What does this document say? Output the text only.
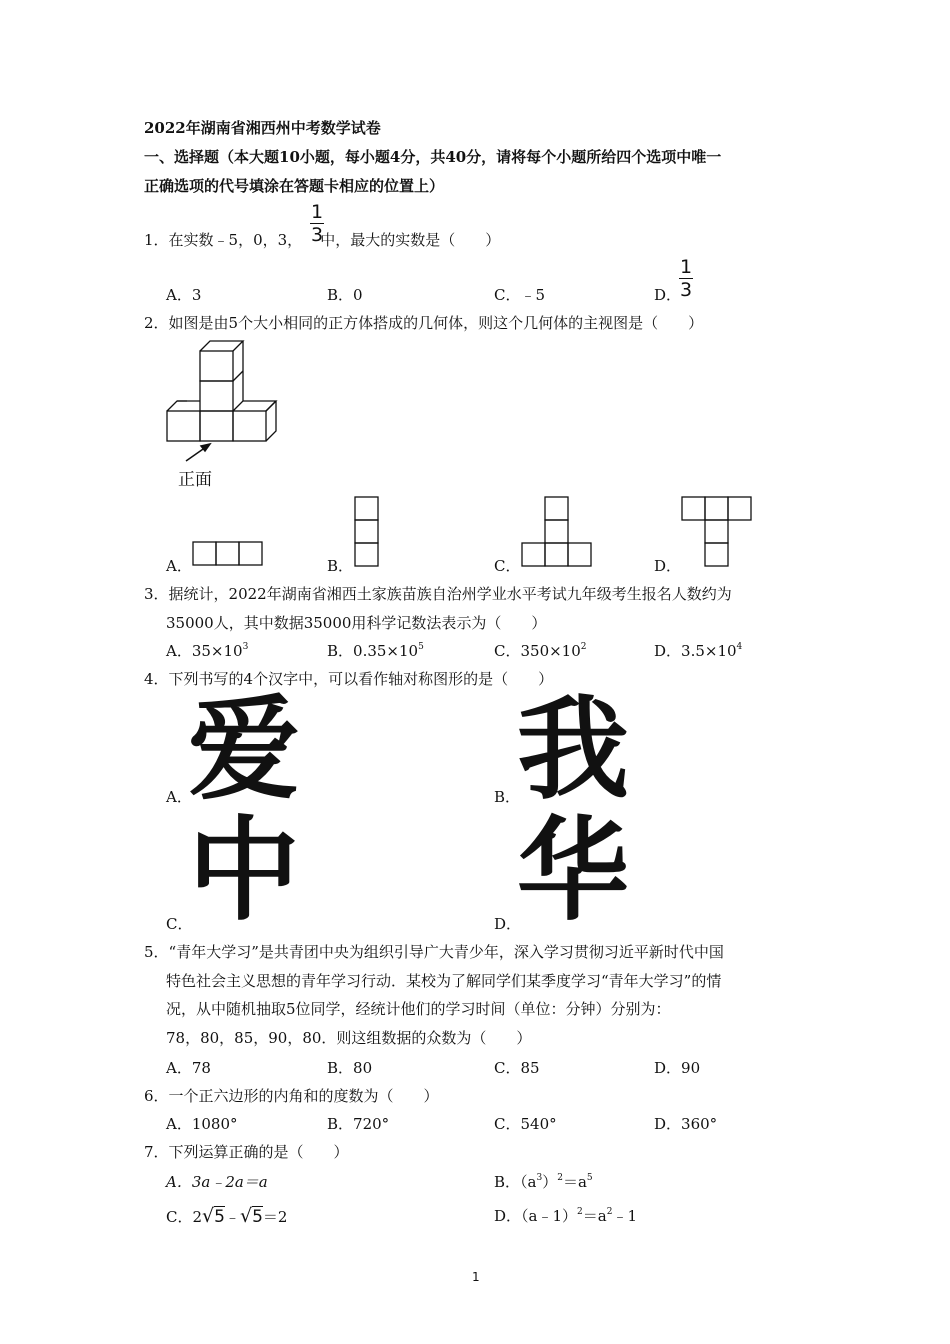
2022年湖南省湘西州中考数学试卷
一、选择题（本大题10小题，每小题4分，共40分，请将每个小题所给四个选项中唯一
正确选项的代号填涂在答题卡相应的位置上）
1．在实数﹣5，0，3， 中，最大的实数是（　　）
1
3
A．3	B．0	C．﹣5	D．
1
3
2．如图是由5个大小相同的正方体搭成的几何体，则这个几何体的主视图是（　　）
正面
A．	B．	C．	D．
3．据统计，2022年湖南省湘西土家族苗族自治州学业水平考试九年级考生报名人数约为
35000人，其中数据35000用科学记数法表示为（　　）
A．$35\times 10^3$	B．$0.35\times 10^5$	C．$350\times 10^2$	D．$3.5\times 10^4$
4．下列书写的4个汉字中，可以看作轴对称图形的是（　　）
A．
爱	B．
我
C．
中	D．
华
5．“青年大学习”是共青团中央为组织引导广大青少年，深入学习贯彻习近平新时代中国
特色社会主义思想的青年学习行动．某校为了解同学们某季度学习“青年大学习”的情
况，从中随机抽取5位同学，经统计他们的学习时间（单位：分钟）分别为：
78，80，85，90，80．则这组数据的众数为（　　）
A．78	B．80	C．85	D．90
6．一个正六边形的内角和的度数为（　　）
A．1080°	B．720°	C．540°	D．360°
7．下列运算正确的是（　　）
A．3a﹣2a＝a	B．$(a^3)^2=a^5$
C．2√5﹣√5＝2	D．$(a﹣1)^2=a^2﹣1$
1
